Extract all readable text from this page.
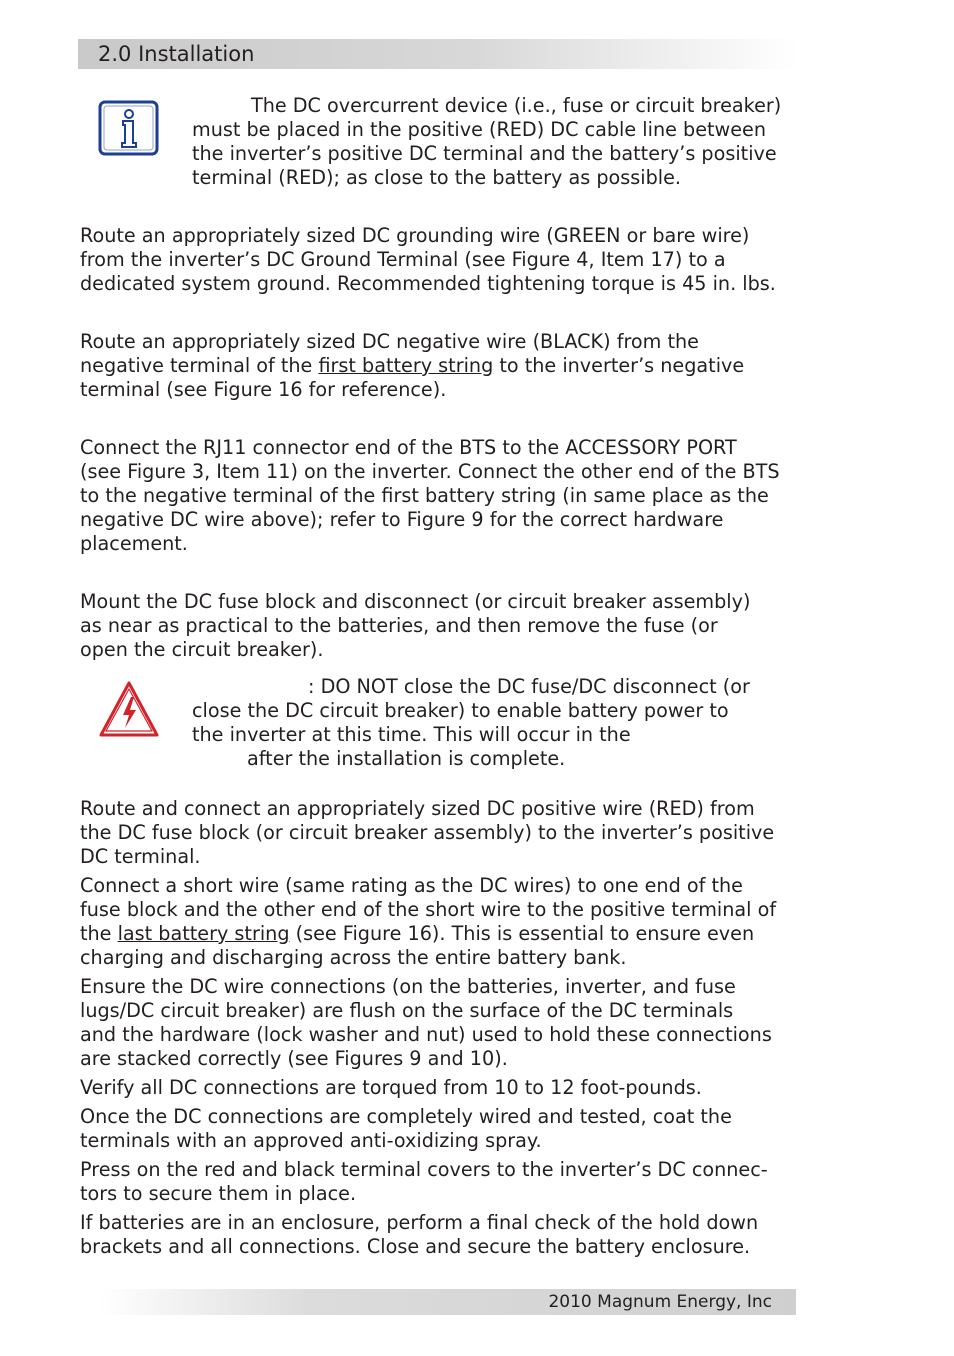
2.0 Installation
The DC overcurrent device (i.e., fuse or circuit breaker)
must be placed in the positive (RED) DC cable line between
the inverter’s positive DC terminal and the battery’s positive
terminal (RED); as close to the battery as possible.
Route an appropriately sized DC grounding wire (GREEN or bare wire)
from the inverter’s DC Ground Terminal (see Figure 4, Item 17) to a
dedicated system ground. Recommended tightening torque is 45 in. lbs.
Route an appropriately sized DC negative wire (BLACK) from the
negative terminal of the first battery string to the inverter’s negative
terminal (see Figure 16 for reference).
Connect the RJ11 connector end of the BTS to the ACCESSORY PORT
(see Figure 3, Item 11) on the inverter. Connect the other end of the BTS
to the negative terminal of the first battery string (in same place as the
negative DC wire above); refer to Figure 9 for the correct hardware
placement.
Mount the DC fuse block and disconnect (or circuit breaker assembly)
as near as practical to the batteries, and then remove the fuse (or
open the circuit breaker).
: DO NOT close the DC fuse/DC disconnect (or
close the DC circuit breaker) to enable battery power to
the inverter at this time. This will occur in the
after the installation is complete.
Route and connect an appropriately sized DC positive wire (RED) from
the DC fuse block (or circuit breaker assembly) to the inverter’s positive
DC terminal.
Connect a short wire (same rating as the DC wires) to one end of the
fuse block and the other end of the short wire to the positive terminal of
the last battery string (see Figure 16). This is essential to ensure even
charging and discharging across the entire battery bank.
Ensure the DC wire connections (on the batteries, inverter, and fuse
lugs/DC circuit breaker) are flush on the surface of the DC terminals
and the hardware (lock washer and nut) used to hold these connections
are stacked correctly (see Figures 9 and 10).
Verify all DC connections are torqued from 10 to 12 foot-pounds.
Once the DC connections are completely wired and tested, coat the
terminals with an approved anti-oxidizing spray.
Press on the red and black terminal covers to the inverter’s DC connec-
tors to secure them in place.
If batteries are in an enclosure, perform a final check of the hold down
brackets and all connections. Close and secure the battery enclosure.
2010 Magnum Energy, Inc
